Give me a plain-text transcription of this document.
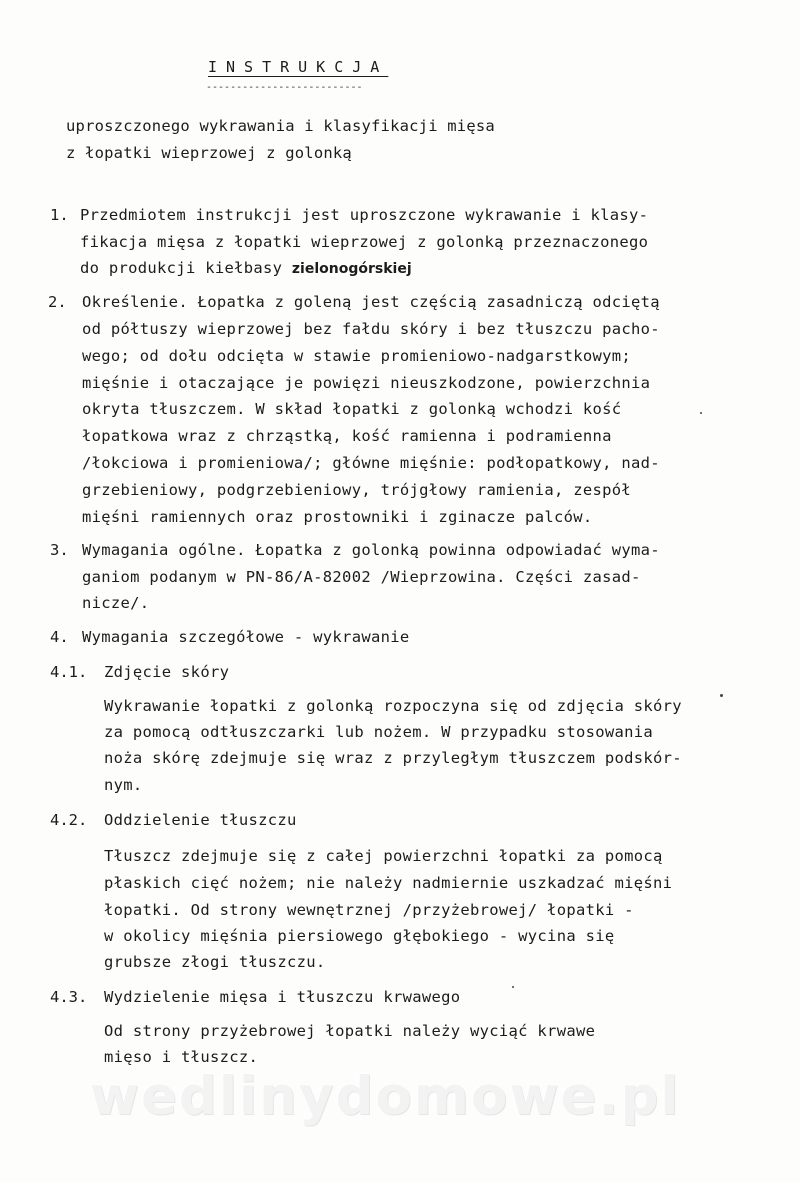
INSTRUKCJA
--------------------------
uproszczonego wykrawania i klasyfikacji mięsa
z łopatki wieprzowej z golonką
1. Przedmiotem instrukcji jest uproszczone wykrawanie i klasy-
fikacja mięsa z łopatki wieprzowej z golonką przeznaczonego
do produkcji kiełbasy zielonogórskiej
2. Określenie. Łopatka z goleną jest częścią zasadniczą odciętą
od półtuszy wieprzowej bez fałdu skóry i bez tłuszczu pacho-
wego; od dołu odcięta w stawie promieniowo-nadgarstkowym;
mięśnie i otaczające je powięzi nieuszkodzone, powierzchnia
okryta tłuszczem. W skład łopatki z golonką wchodzi kość
łopatkowa wraz z chrząstką, kość ramienna i podramienna
/łokciowa i promieniowa/; główne mięśnie: podłopatkowy, nad-
grzebieniowy, podgrzebieniowy, trójgłowy ramienia, zespół
mięśni ramiennych oraz prostowniki i zginacze palców.
3. Wymagania ogólne. Łopatka z golonką powinna odpowiadać wyma-
ganiom podanym w PN-86/A-82002 /Wieprzowina. Części zasad-
nicze/.
4. Wymagania szczegółowe - wykrawanie
4.1. Zdjęcie skóry
Wykrawanie łopatki z golonką rozpoczyna się od zdjęcia skóry
za pomocą odtłuszczarki lub nożem. W przypadku stosowania
noża skórę zdejmuje się wraz z przyległym tłuszczem podskór-
nym.
4.2. Oddzielenie tłuszczu
Tłuszcz zdejmuje się z całej powierzchni łopatki za pomocą
płaskich cięć nożem; nie należy nadmiernie uszkadzać mięśni
łopatki. Od strony wewnętrznej /przyżebrowej/ łopatki -
w okolicy mięśnia piersiowego głębokiego - wycina się
grubsze złogi tłuszczu.
4.3. Wydzielenie mięsa i tłuszczu krwawego
Od strony przyżebrowej łopatki należy wyciąć krwawe
mięso i tłuszcz.
wedlinydomowe.pl
